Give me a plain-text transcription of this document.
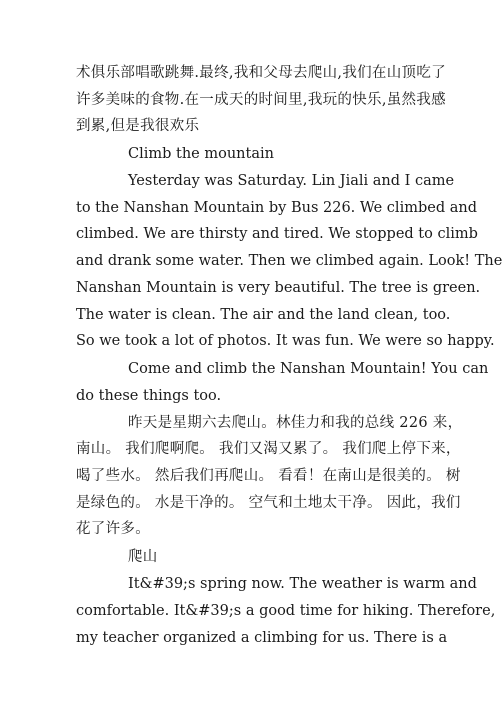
术俱乐部唱歌跳舞.最终,我和父母去爬山,我们在山顶吃了
许多美味的食物.在一成天的时间里,我玩的快乐,虽然我感
到累,但是我很欢乐
Climb the mountain
Yesterday was Saturday. Lin Jiali and I came
to the Nanshan Mountain by Bus 226. We climbed and
climbed. We are thirsty and tired. We stopped to climb
and drank some water. Then we climbed again. Look! The
Nanshan Mountain is very beautiful. The tree is green.
The water is clean. The air and the land clean, too.
So we took a lot of photos. It was fun. We were so happy.
Come and climb the Nanshan Mountain! You can
do these things too.
昨天是星期六去爬山。林佳力和我的总线 226 来，
南山。 我们爬啊爬。 我们又渴又累了。 我们爬上停下来，
喝了些水。 然后我们再爬山。 看看！在南山是很美的。 树
是绿色的。 水是干净的。 空气和土地太干净。 因此，我们
花了许多。
爬山
It&#39;s spring now. The weather is warm and
comfortable. It&#39;s a good time for hiking. Therefore,
my teacher organized a climbing for us. There is a
